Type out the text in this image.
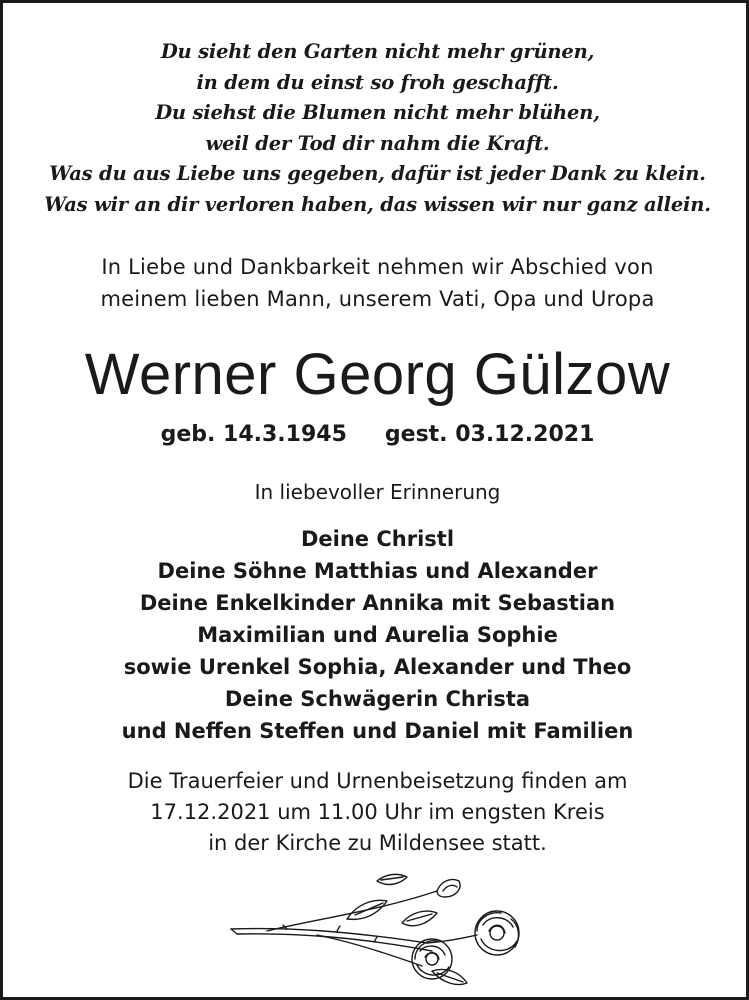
Du sieht den Garten nicht mehr grünen,
in dem du einst so froh geschafft.
Du siehst die Blumen nicht mehr blühen,
weil der Tod dir nahm die Kraft.
Was du aus Liebe uns gegeben, dafür ist jeder Dank zu klein.
Was wir an dir verloren haben, das wissen wir nur ganz allein.
In Liebe und Dankbarkeit nehmen wir Abschied von
meinem lieben Mann, unserem Vati, Opa und Uropa
Werner Georg Gülzow
geb. 14.3.1945 gest. 03.12.2021
In liebevoller Erinnerung
Deine Christl
Deine Söhne Matthias und Alexander
Deine Enkelkinder Annika mit Sebastian
Maximilian und Aurelia Sophie
sowie Urenkel Sophia, Alexander und Theo
Deine Schwägerin Christa
und Neffen Steffen und Daniel mit Familien
Die Trauerfeier und Urnenbeisetzung finden am
17.12.2021 um 11.00 Uhr im engsten Kreis
in der Kirche zu Mildensee statt.
